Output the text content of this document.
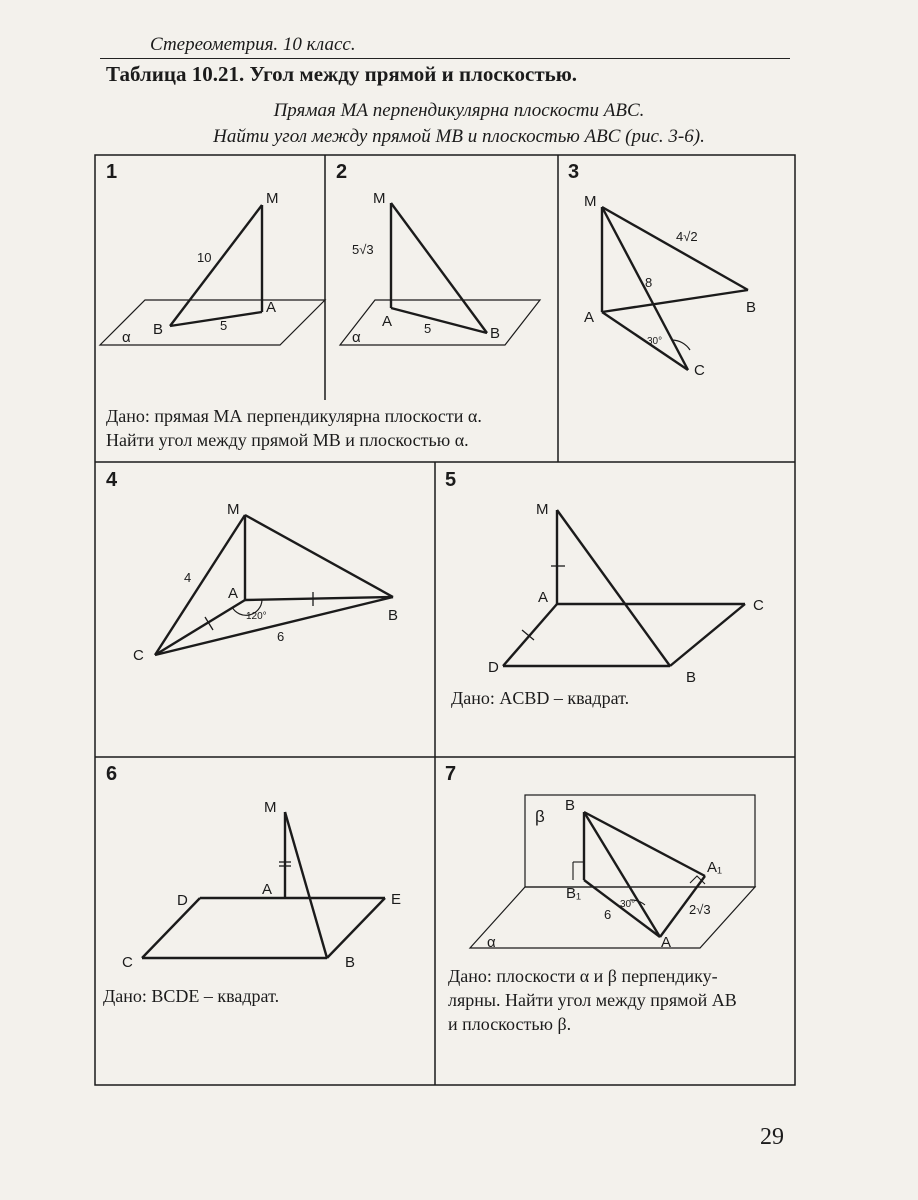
Стереометрия. 10 класс.
Таблица 10.21. Угол между прямой и плоскостью.
Прямая МА перпендикулярна плоскости ABC.
Найти угол между прямой MB и плоскостью ABC (рис. 3-6).
1	2	3
4	5
6	7
M
A
B
α
10
5
M
A
B
α
5√3
5
M
A
B
C
4√2
8
30°
M
A
B
C
4
6
120°
M
A	C
B
D
M
A
D	E
C	B
β
B
B₁
A₁
A
α
6
30°	2√3
Дано: прямая МА перпендикулярна плоскости α.
Найти угол между прямой MB и плоскостью α.
Дано: ACBD – квадрат.
Дано: BCDE – квадрат.
Дано: плоскости α и β перпендику-
лярны. Найти угол между прямой AB
и плоскостью β.
29
